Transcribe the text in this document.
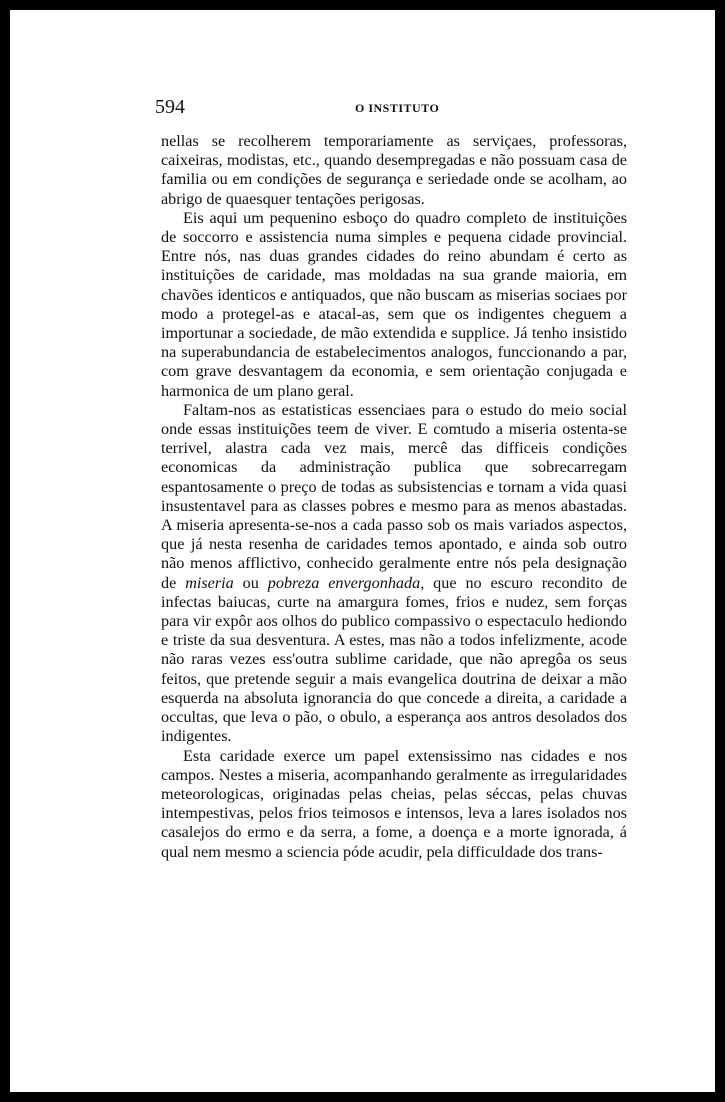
594	O INSTITUTO

nellas se recolherem temporariamente as serviçaes, professoras, caixeiras, modistas, etc., quando desempregadas e não possuam casa de familia ou em condições de segurança e seriedade onde se acolham, ao abrigo de quaesquer tentações perigosas.

Eis aqui um pequenino esboço do quadro completo de instituições de soccorro e assistencia numa simples e pequena cidade provincial. Entre nós, nas duas grandes cidades do reino abundam é certo as instituições de caridade, mas moldadas na sua grande maioria, em chavões identicos e antiquados, que não buscam as miserias sociaes por modo a protegel-as e atacal-as, sem que os indigentes cheguem a importunar a sociedade, de mão extendida e supplice. Já tenho insistido na superabundancia de estabelecimentos analogos, funccionando a par, com grave desvantagem da economia, e sem orientação conjugada e harmonica de um plano geral.

Faltam-nos as estatisticas essenciaes para o estudo do meio social onde essas instituições teem de viver. E comtudo a miseria ostenta-se terrivel, alastra cada vez mais, mercê das difficeis condições economicas da administração publica que sobrecarregam espantosamente o preço de todas as subsistencias e tornam a vida quasi insustentavel para as classes pobres e mesmo para as menos abastadas. A miseria apresenta-se-nos a cada passo sob os mais variados aspectos, que já nesta resenha de caridades temos apontado, e ainda sob outro não menos afflictivo, conhecido geralmente entre nós pela designação de miseria ou pobreza envergonhada, que no escuro recondito de infectas baiucas, curte na amargura fomes, frios e nudez, sem forças para vir expôr aos olhos do publico compassivo o espectaculo hediondo e triste da sua desventura. A estes, mas não a todos infelizmente, acode não raras vezes ess'outra sublime caridade, que não apregôa os seus feitos, que pretende seguir a mais evangelica doutrina de deixar a mão esquerda na absoluta ignorancia do que concede a direita, a caridade a occultas, que leva o pão, o obulo, a esperança aos antros desolados dos indigentes.

Esta caridade exerce um papel extensissimo nas cidades e nos campos. Nestes a miseria, acompanhando geralmente as irregularidades meteorologicas, originadas pelas cheias, pelas séccas, pelas chuvas intempestivas, pelos frios teimosos e intensos, leva a lares isolados nos casalejos do ermo e da serra, a fome, a doença e a morte ignorada, á qual nem mesmo a sciencia póde acudir, pela difficuldade dos trans-
